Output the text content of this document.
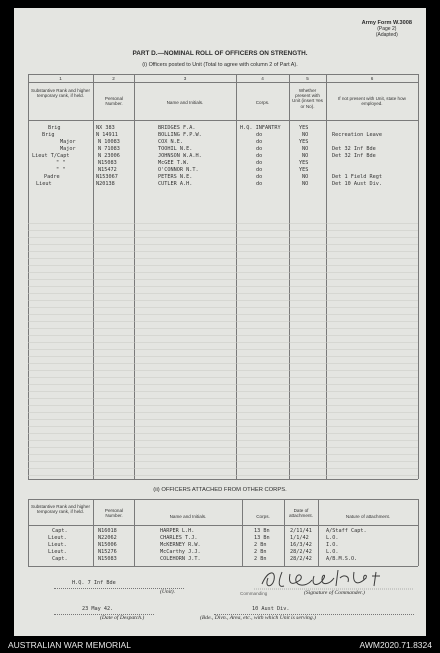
Army Form W.3008
(Page 2)
(Adapted)
PART D.—NOMINAL ROLL OF OFFICERS ON STRENGTH.
(i) Officers posted to Unit (Total to agree with column 2 of Part A).
1	2	3	4	5	6
Substantive Rank and higher temporary rank, if held.
Personal Number.	Name and Initials.	Corps.
Whether present with Unit (insert Yes or No).
If not present with Unit, state how employed.
Brig	NX 383	BRIDGES F.A.	H.Q. INFANTRY	YES
Brig	N 14911	BOLLING F.P.W.	do	NO	Recreation Leave
Major	N 10083	COX N.E.	do	YES
Major	N 71083	TOOHIL N.E.	do	NO	Det 32 Inf Bde
Lieut T/Capt	N 23006	JOHNSON W.A.H.	do	NO	Det 32 Inf Bde
" "	N15083	McGEE T.W.	do	YES
" "	N15472	O'CONNOR N.T.	do	YES
Padre	N153067	PETERS N.E.	do	NO	Det 1 Field Regt
Lieut	N20138	CUTLER A.H.	do	NO	Det 10 Aust Div.
(ii) OFFICERS ATTACHED FROM OTHER CORPS.
Substantive Rank and higher temporary rank, if held.	Personal Number.	Name and Initials.	Corps.
Date of attachment.	Nature of attachment.
Capt.	N16018	HARPER L.H.	13 Bn	2/11/41	A/Staff Capt.
Lieut.	N22062	CHARLES T.J.	13 Bn	1/1/42	L.O.
Lieut.	N15006	McKERNEY R.W.	2 Bn	16/3/42	I.O.
Lieut.	N15276	McCarthy J.J.	2 Bn	28/2/42	L.O.
Capt.	N15083	COLEHORN J.T.	2 Bn	28/2/42	A/B.M.S.O.
H.Q. 7 Inf Bde
(Unit).	Commanding	(Signature of Commander.)
23 May 42.
(Date of Despatch.)
10 Aust Div.
(Bde., Divn., Area, etc., with which Unit is serving.)
AUSTRALIAN WAR MEMORIAL	AWM2020.71.8324
